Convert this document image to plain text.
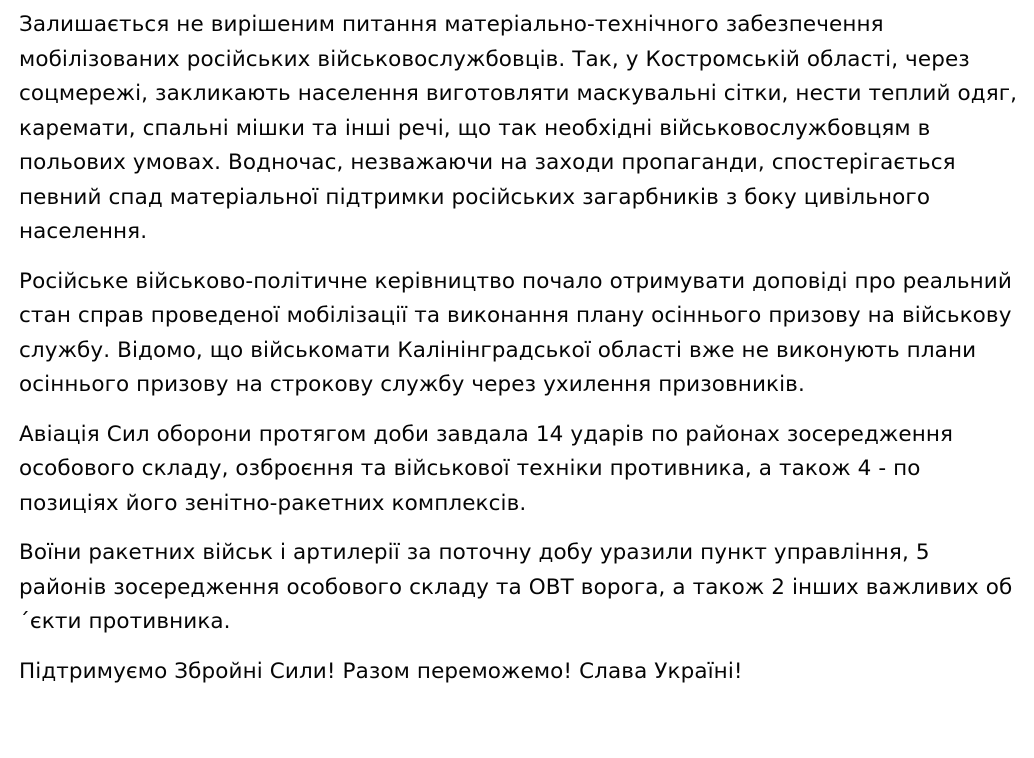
Залишається не вирішеним питання матеріально-технічного забезпечення мобілізованих російських військовослужбовців. Так, у Костромській області, через соцмережі, закликають населення виготовляти маскувальні сітки, нести теплий одяг, каремати, спальні мішки та інші речі, що так необхідні військовослужбовцям в польових умовах. Водночас, незважаючи на заходи пропаганди, спостерігається певний спад матеріальної підтримки російських загарбників з боку цивільного населення.

Російське військово-політичне керівництво почало отримувати доповіді про реальний стан справ проведеної мобілізації та виконання плану осіннього призову на військову службу. Відомо, що військомати Калінінградської області вже не виконують плани осіннього призову на строкову службу через ухилення призовників.

Авіація Сил оборони протягом доби завдала 14 ударів по районах зосередження особового складу, озброєння та військової техніки противника, а також 4 - по позиціях його зенітно-ракетних комплексів.

Воїни ракетних військ і артилерії за поточну добу уразили пункт управління, 5 районів зосередження особового складу та ОВТ ворога, а також 2 інших важливих об´єкти противника.

Підтримуємо Збройні Сили! Разом переможемо! Слава Україні!
